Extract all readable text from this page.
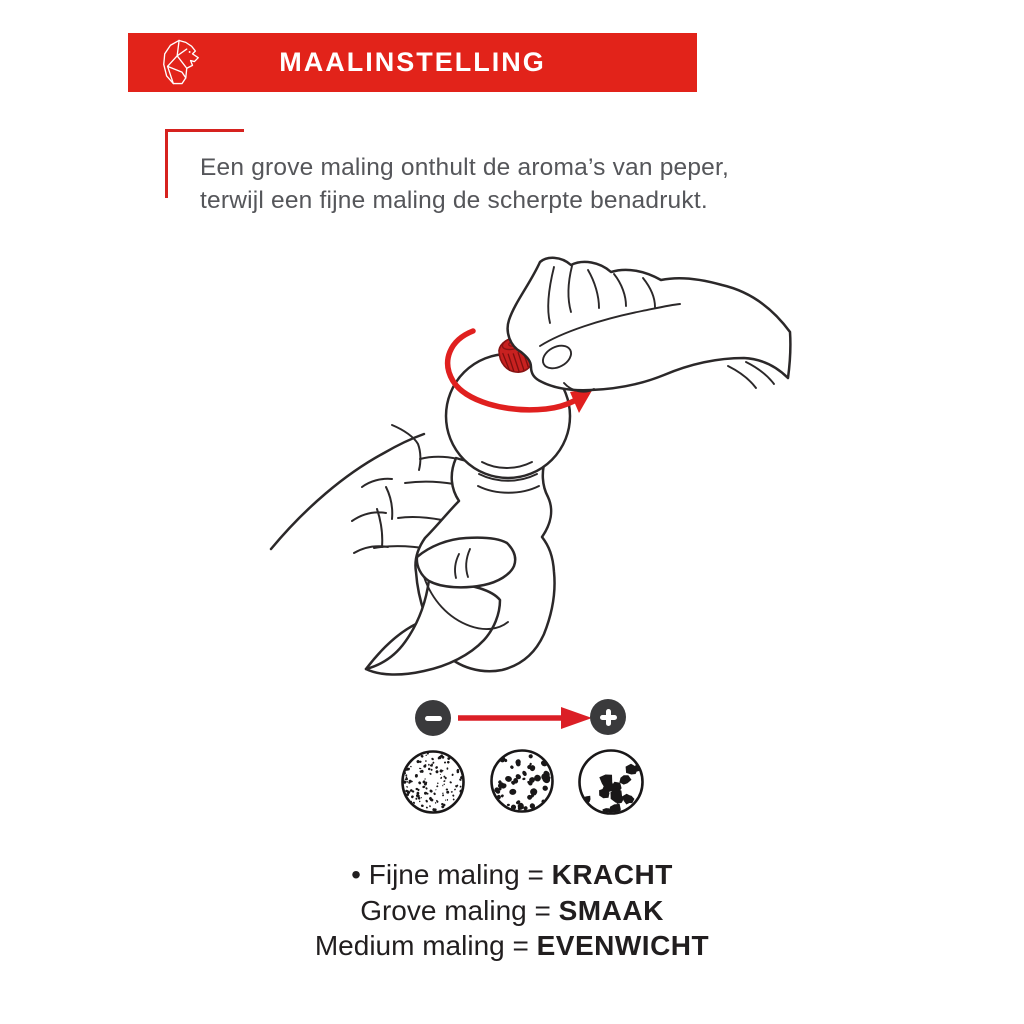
MAALINSTELLING
Een grove maling onthult de aroma’s van peper,
terwijl een fijne maling de scherpte benadrukt.
• Fijne maling = KRACHT
Grove maling = SMAAK
Medium maling = EVENWICHT
